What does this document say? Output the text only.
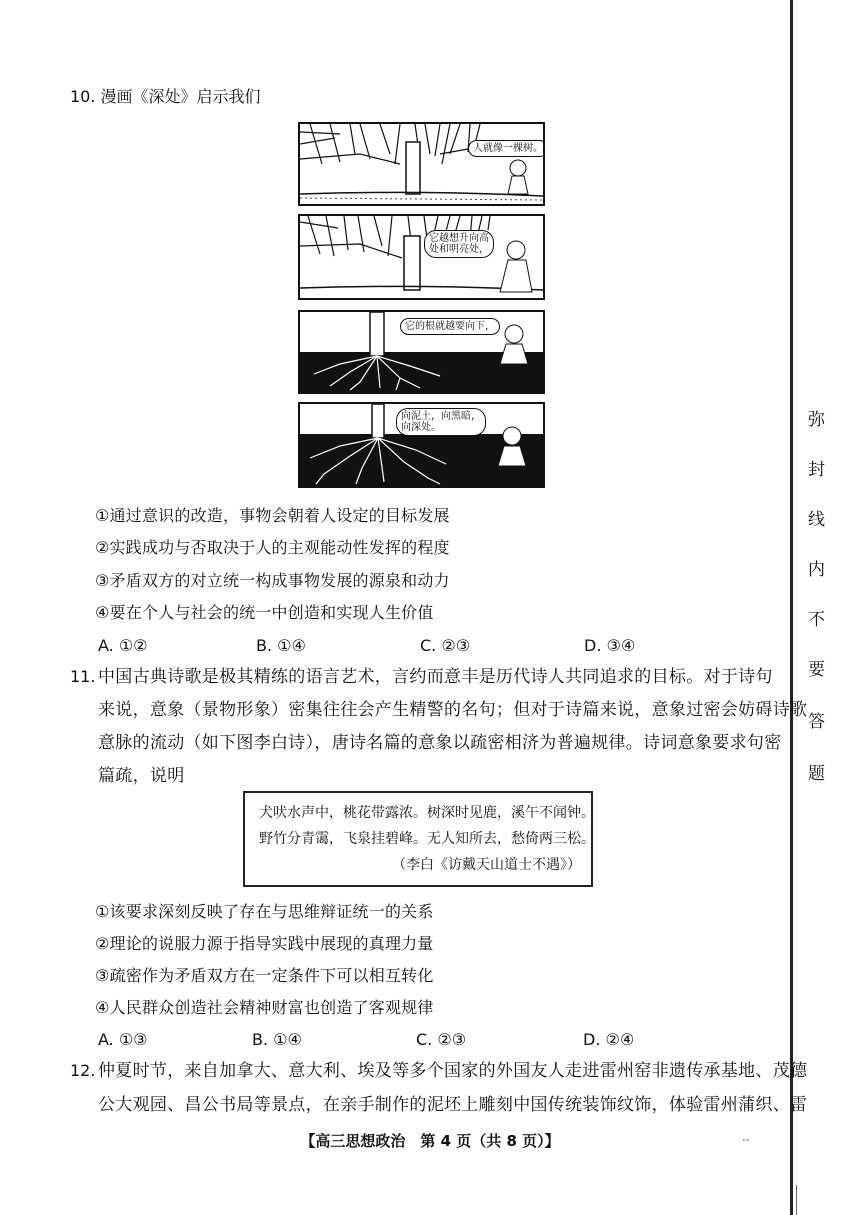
弥
封
线
内
不
要
答
题
10. 漫画《深处》启示我们
人就像一棵树。
它越想升向高
处和明亮处，
它的根就越要向下，
向泥土，向黑暗，
向深处。
①通过意识的改造，事物会朝着人设定的目标发展
②实践成功与否取决于人的主观能动性发挥的程度
③矛盾双方的对立统一构成事物发展的源泉和动力
④要在个人与社会的统一中创造和实现人生价值
A. ①②	B. ①④	C. ②③	D. ③④
11. 中国古典诗歌是极其精练的语言艺术，言约而意丰是历代诗人共同追求的目标。对于诗句
来说，意象（景物形象）密集往往会产生精警的名句；但对于诗篇来说，意象过密会妨碍诗歌
意脉的流动（如下图李白诗），唐诗名篇的意象以疏密相济为普遍规律。诗词意象要求句密
篇疏，说明
犬吠水声中，桃花带露浓。树深时见鹿，溪午不闻钟。
野竹分青霭，飞泉挂碧峰。无人知所去，愁倚两三松。
（李白《访戴天山道士不遇》）
①该要求深刻反映了存在与思维辩证统一的关系
②理论的说服力源于指导实践中展现的真理力量
③疏密作为矛盾双方在一定条件下可以相互转化
④人民群众创造社会精神财富也创造了客观规律
A. ①③	B. ①④	C. ②③	D. ②④
12. 仲夏时节，来自加拿大、意大利、埃及等多个国家的外国友人走进雷州窑非遗传承基地、茂德
公大观园、昌公书局等景点，在亲手制作的泥坯上雕刻中国传统装饰纹饰，体验雷州蒲织、雷
【高三思想政治　第 4 页（共 8 页）】	..
